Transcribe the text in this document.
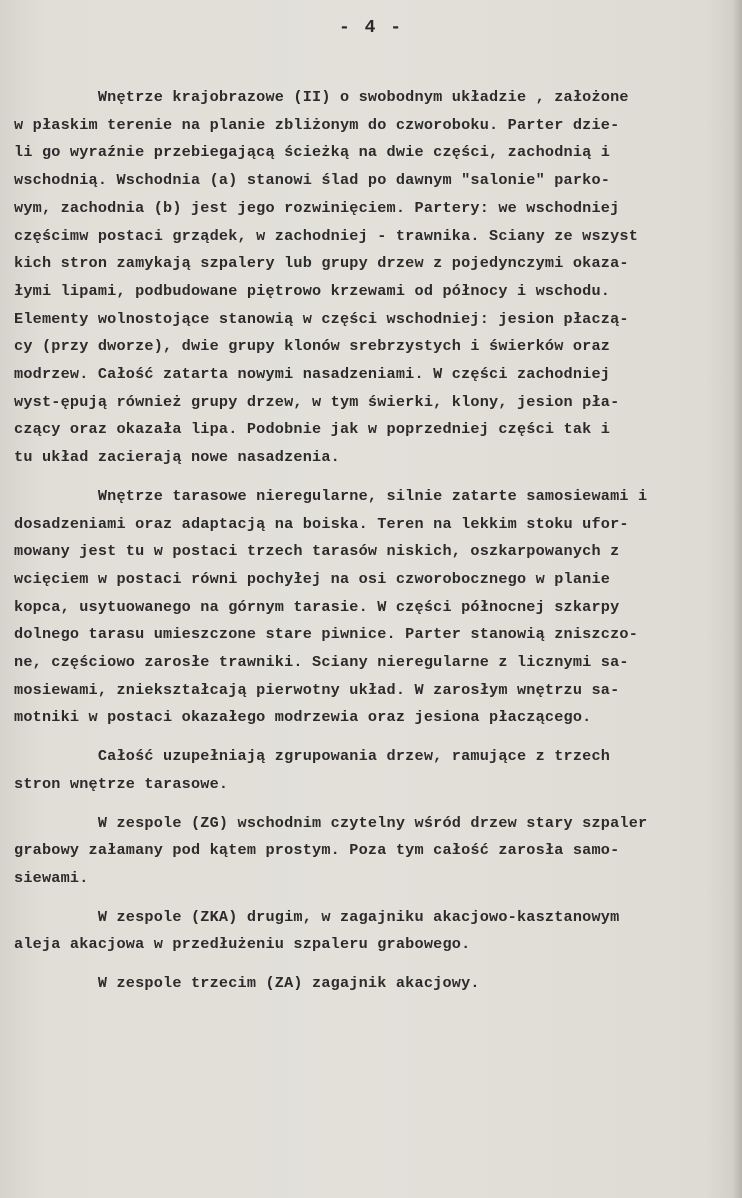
- 4 -
Wnętrze krajobrazowe (II) o swobodnym układzie , założone
w płaskim terenie na planie zbliżonym do czworoboku. Parter dzie-
li go wyraźnie przebiegającą ścieżką na dwie części, zachodnią i
wschodnią. Wschodnia (a) stanowi ślad po dawnym "salonie" parko-
wym, zachodnia (b) jest jego rozwinięciem. Partery: we wschodniej
częścimw postaci grządek, w zachodniej - trawnika. Sciany ze wszyst
kich stron zamykają szpalery lub grupy drzew z pojedynczymi okaza-
łymi lipami, podbudowane piętrowo krzewami od północy i wschodu.
Elementy wolnostojące stanowią w części wschodniej: jesion płaczą-
cy (przy dworze), dwie grupy klonów srebrzystych i świerków oraz
modrzew. Całość zatarta nowymi nasadzeniami. W części zachodniej
wyst-ępują również grupy drzew, w tym świerki, klony, jesion pła-
czący oraz okazała lipa. Podobnie jak w poprzedniej części tak i
tu układ zacierają nowe nasadzenia.
Wnętrze tarasowe nieregularne, silnie zatarte samosiewami i
dosadzeniami oraz adaptacją na boiska. Teren na lekkim stoku ufor-
mowany jest tu w postaci trzech tarasów niskich, oszkarpowanych z
wcięciem w postaci równi pochyłej na osi czworobocznego w planie
kopca, usytuowanego na górnym tarasie. W części północnej szkarpy
dolnego tarasu umieszczone stare piwnice. Parter stanowią zniszczo-
ne, częściowo zarosłe trawniki. Sciany nieregularne z licznymi sa-
mosiewami, zniekształcają pierwotny układ. W zarosłym wnętrzu sa-
motniki w postaci okazałego modrzewia oraz jesiona płaczącego.
Całość uzupełniają zgrupowania drzew, ramujące z trzech
stron wnętrze tarasowe.
W zespole (ZG) wschodnim czytelny wśród drzew stary szpaler
grabowy załamany pod kątem prostym. Poza tym całość zarosła samo-
siewami.
W zespole (ZKA) drugim, w zagajniku akacjowo-kasztanowym
aleja akacjowa w przedłużeniu szpaleru grabowego.
W zespole trzecim (ZA) zagajnik akacjowy.
